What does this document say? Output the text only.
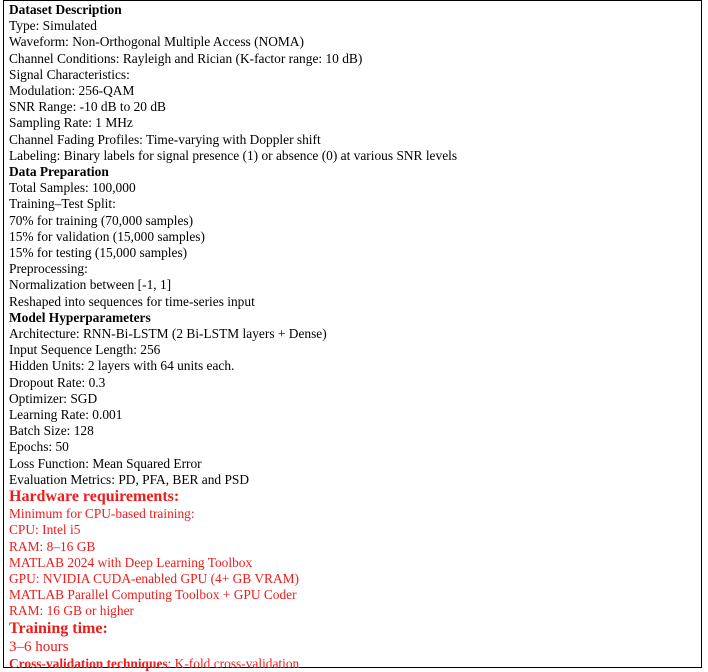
Dataset Description
Type: Simulated
Waveform: Non-Orthogonal Multiple Access (NOMA)
Channel Conditions: Rayleigh and Rician (K-factor range: 10 dB)
Signal Characteristics:
Modulation: 256-QAM
SNR Range: -10 dB to 20 dB
Sampling Rate: 1 MHz
Channel Fading Profiles: Time-varying with Doppler shift
Labeling: Binary labels for signal presence (1) or absence (0) at various SNR levels
Data Preparation
Total Samples: 100,000
Training–Test Split:
70% for training (70,000 samples)
15% for validation (15,000 samples)
15% for testing (15,000 samples)
Preprocessing:
Normalization between [-1, 1]
Reshaped into sequences for time-series input
Model Hyperparameters
Architecture: RNN-Bi-LSTM (2 Bi-LSTM layers + Dense)
Input Sequence Length: 256
Hidden Units: 2 layers with 64 units each.
Dropout Rate: 0.3
Optimizer: SGD
Learning Rate: 0.001
Batch Size: 128
Epochs: 50
Loss Function: Mean Squared Error
Evaluation Metrics: PD, PFA, BER and PSD
Hardware requirements:
Minimum for CPU-based training:
CPU: Intel i5
RAM: 8–16 GB
MATLAB 2024 with Deep Learning Toolbox
GPU: NVIDIA CUDA-enabled GPU (4+ GB VRAM)
MATLAB Parallel Computing Toolbox + GPU Coder
RAM: 16 GB or higher
Training time:
3–6 hours
Cross-validation techniques: K-fold cross-validation
